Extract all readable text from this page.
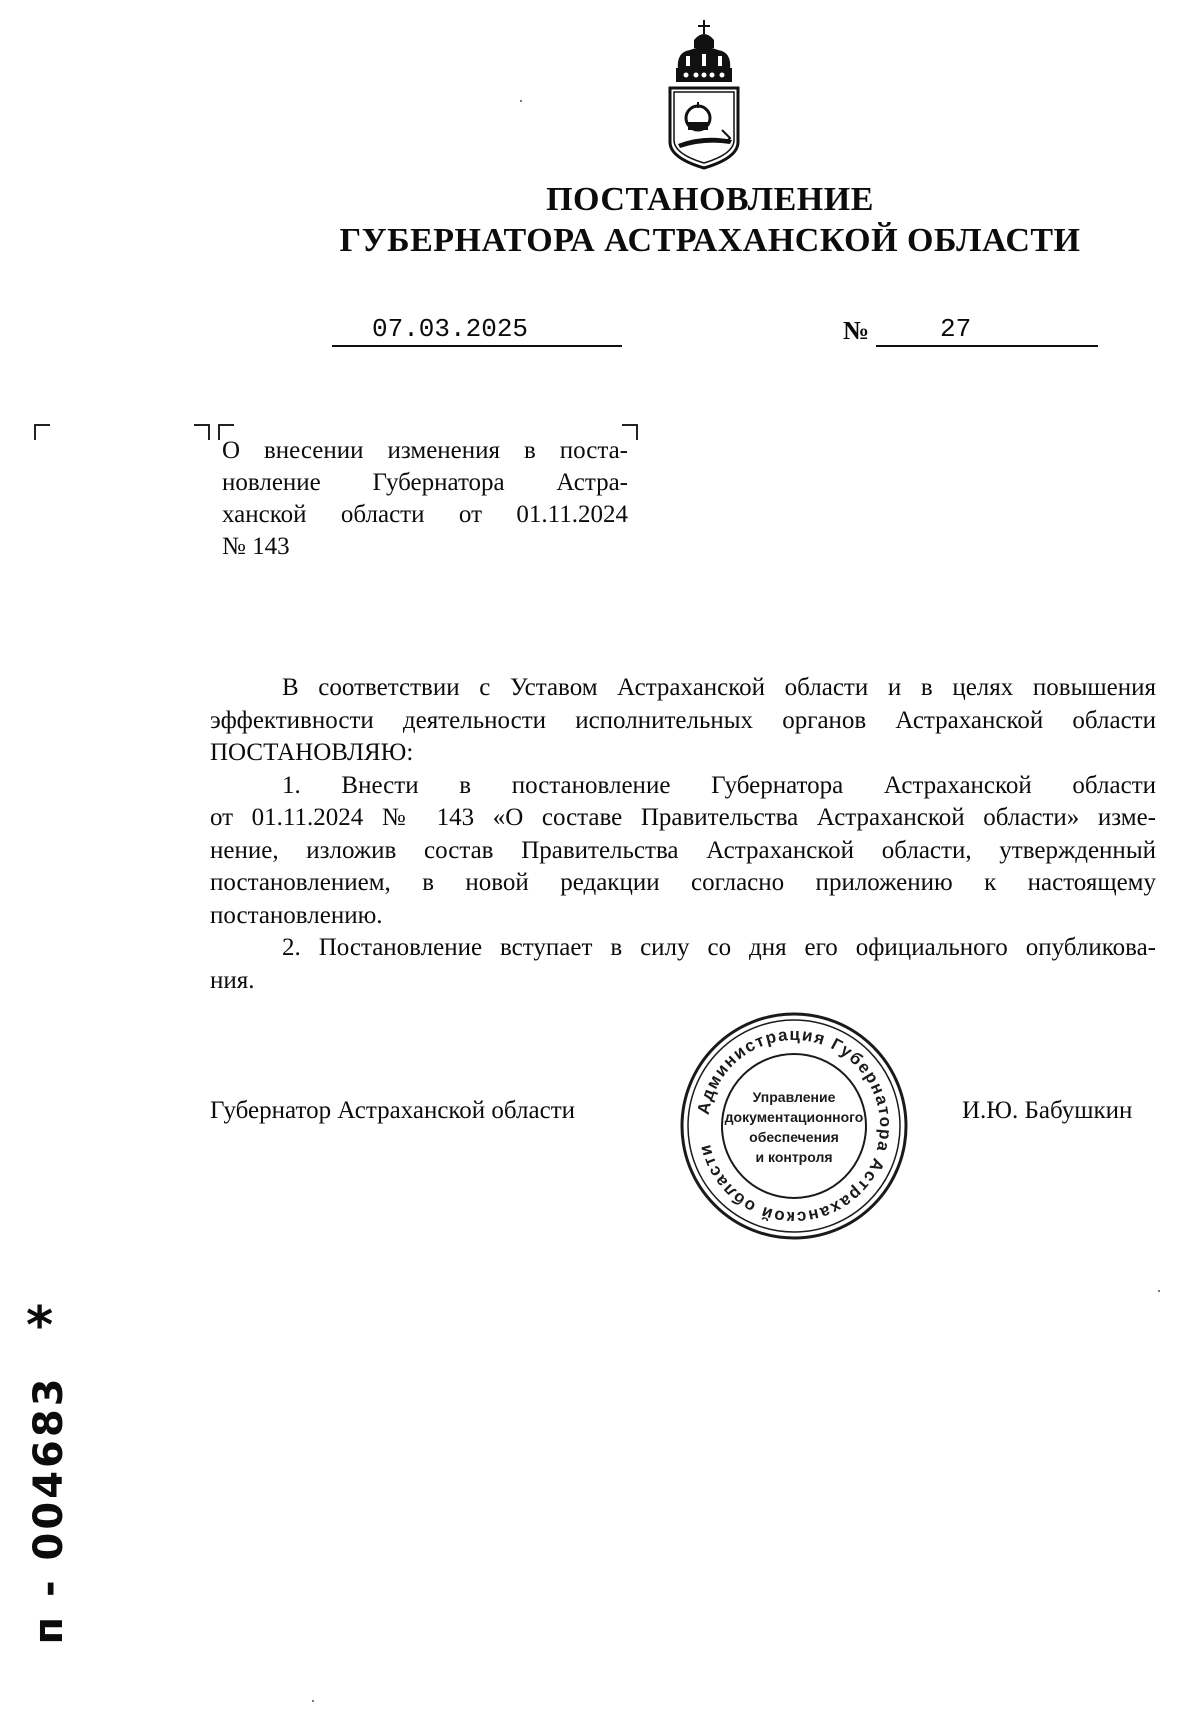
ПОСТАНОВЛЕНИЕ
ГУБЕРНАТОРА АСТРАХАНСКОЙ ОБЛАСТИ
07.03.2025	№	27
О внесении изменения в поста-
новление Губернатора Астра-
ханской области от 01.11.2024
№ 143
В соответствии с Уставом Астраханской области и в целях повышения
эффективности деятельности исполнительных органов Астраханской области
ПОСТАНОВЛЯЮ:
1. Внести в постановление Губернатора Астраханской области
от 01.11.2024 № 143 «О составе Правительства Астраханской области» изме-
нение, изложив состав Правительства Астраханской области, утвержденный
постановлением, в новой редакции согласно приложению к настоящему
постановлению.
2. Постановление вступает в силу со дня его официального опубликова-
ния.
Губернатор Астраханской области	И.Ю. Бабушкин
Администрация Губернатора Астраханской области
Управление
документационного
обеспечения
и контроля
*
п - 004683
